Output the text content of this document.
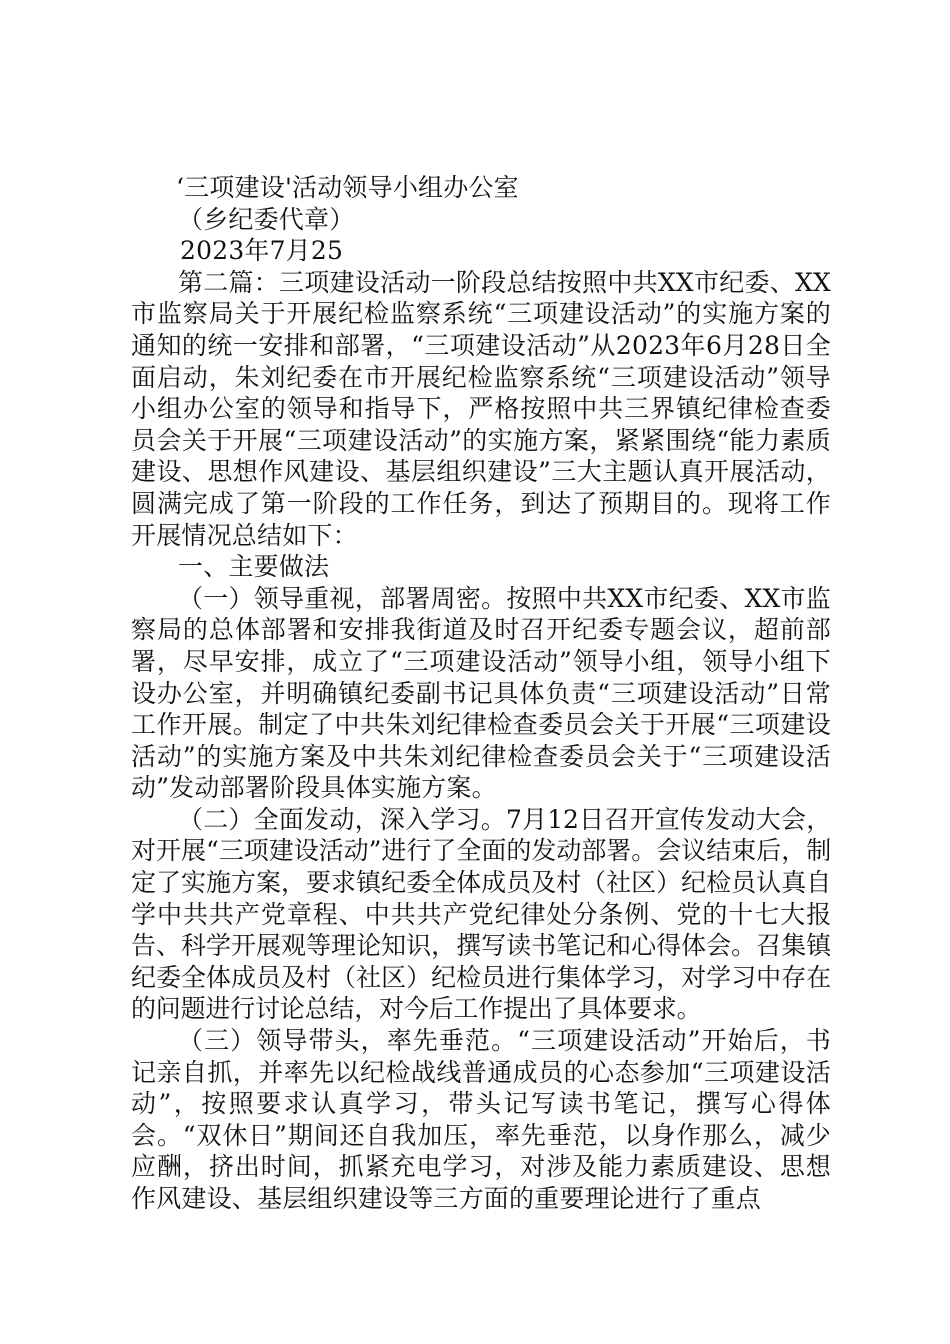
‘三项建设'活动领导小组办公室

（乡纪委代章）

2023年7月25

第二篇：三项建设活动一阶段总结按照中共XX市纪委、XX市监察局关于开展纪检监察系统“三项建设活动”的实施方案的通知的统一安排和部署，“三项建设活动”从2023年6月28日全面启动，朱刘纪委在市开展纪检监察系统“三项建设活动”领导小组办公室的领导和指导下，严格按照中共三界镇纪律检查委员会关于开展“三项建设活动”的实施方案，紧紧围绕“能力素质建设、思想作风建设、基层组织建设”三大主题认真开展活动，圆满完成了第一阶段的工作任务，到达了预期目的。现将工作开展情况总结如下：

一、主要做法

（一）领导重视，部署周密。按照中共XX市纪委、XX市监察局的总体部署和安排我街道及时召开纪委专题会议，超前部署，尽早安排，成立了“三项建设活动”领导小组，领导小组下设办公室，并明确镇纪委副书记具体负责“三项建设活动”日常工作开展。制定了中共朱刘纪律检查委员会关于开展“三项建设活动”的实施方案及中共朱刘纪律检查委员会关于“三项建设活动”发动部署阶段具体实施方案。

（二）全面发动，深入学习。7月12日召开宣传发动大会，对开展“三项建设活动”进行了全面的发动部署。会议结束后，制定了实施方案，要求镇纪委全体成员及村（社区）纪检员认真自学中共共产党章程、中共共产党纪律处分条例、党的十七大报告、科学开展观等理论知识，撰写读书笔记和心得体会。召集镇纪委全体成员及村（社区）纪检员进行集体学习，对学习中存在的问题进行讨论总结，对今后工作提出了具体要求。

（三）领导带头，率先垂范。“三项建设活动”开始后，书记亲自抓，并率先以纪检战线普通成员的心态参加“三项建设活动”，按照要求认真学习，带头记写读书笔记，撰写心得体会。“双休日”期间还自我加压，率先垂范，以身作那么，减少应酬，挤出时间，抓紧充电学习，对涉及能力素质建设、思想作风建设、基层组织建设等三方面的重要理论进行了重点
